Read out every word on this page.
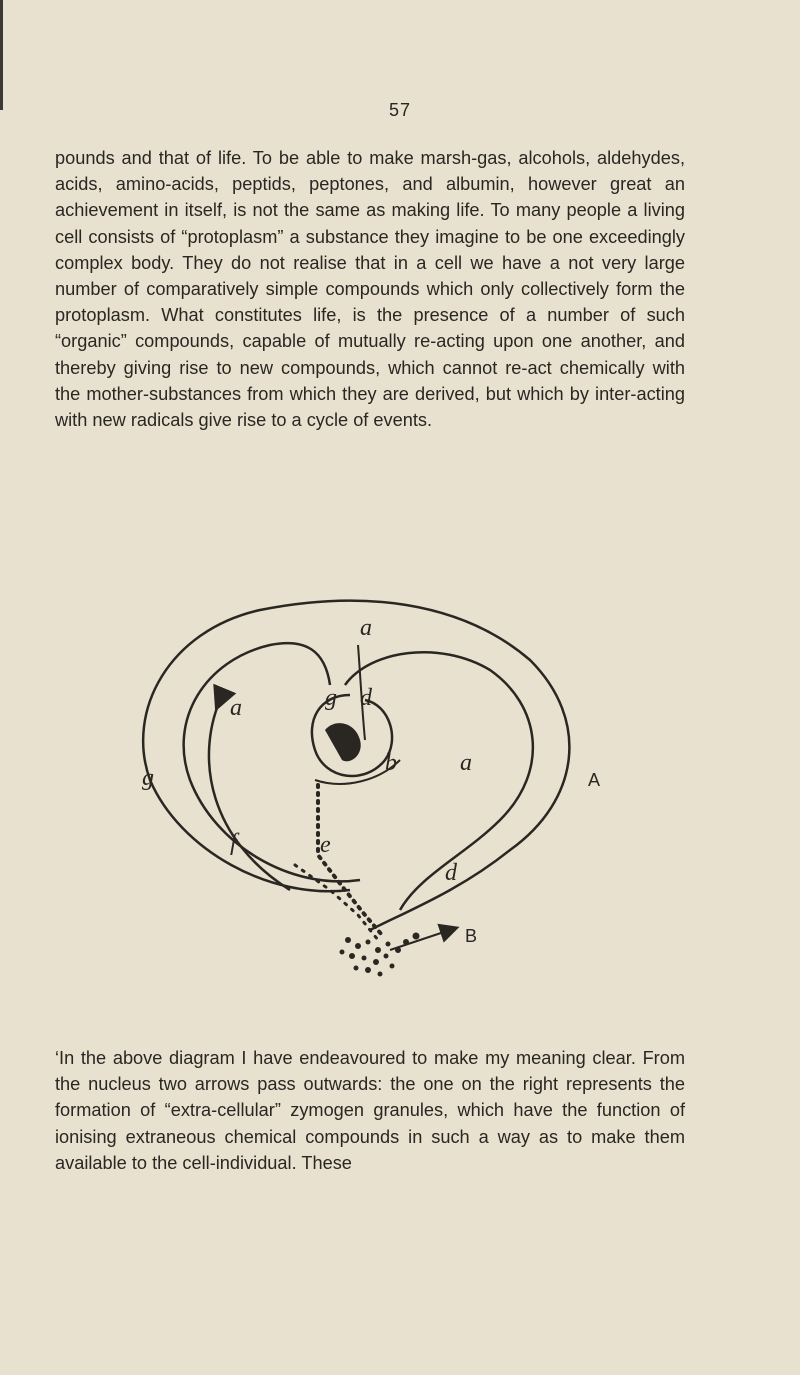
57

pounds and that of life. To be able to make marsh-gas, alcohols, aldehydes, acids, amino-acids, peptids, peptones, and albumin, however great an achievement in itself, is not the same as making life. To many people a living cell consists of “protoplasm” a substance they imagine to be one exceedingly complex body. They do not realise that in a cell we have a not very large number of comparatively simple compounds which only collectively form the protoplasm. What constitutes life, is the presence of a number of such “organic” compounds, capable of mutually re-acting upon one another, and thereby giving rise to new compounds, which cannot re-act chemically with the mother-substances from which they are derived, but which by inter-acting with new radicals give rise to a cycle of events.

a
a
a
g
g
d
d
b
f	e
A
B

‘In the above diagram I have endeavoured to make my meaning clear. From the nucleus two arrows pass outwards: the one on the right represents the formation of “extra-cellular” zymogen granules, which have the function of ionising extraneous chemical compounds in such a way as to make them available to the cell-individual. These
